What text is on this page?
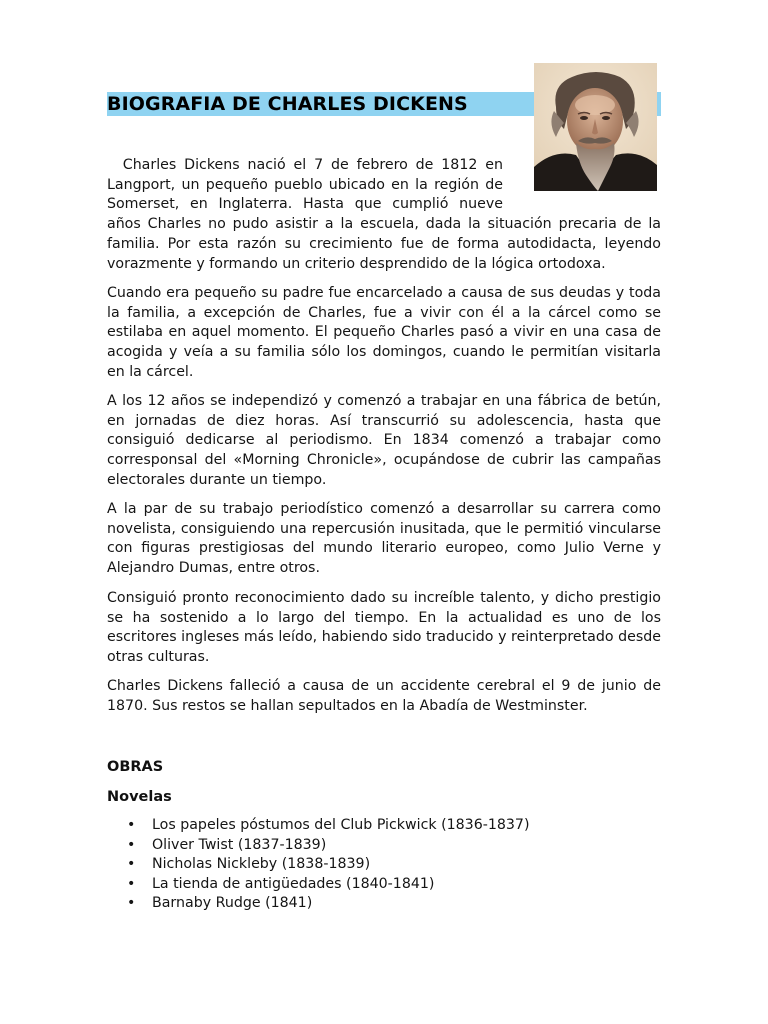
BIOGRAFIA DE CHARLES DICKENS
Charles Dickens nació el 7 de febrero de 1812 en Langport, un pequeño pueblo ubicado en la región de Somerset, en Inglaterra. Hasta que cumplió nueve años Charles no pudo asistir a la escuela, dada la situación precaria de la familia. Por esta razón su crecimiento fue de forma autodidacta, leyendo vorazmente y formando un criterio desprendido de la lógica ortodoxa.
Cuando era pequeño su padre fue encarcelado a causa de sus deudas y toda la familia, a excepción de Charles, fue a vivir con él a la cárcel como se estilaba en aquel momento. El pequeño Charles pasó a vivir en una casa de acogida y veía a su familia sólo los domingos, cuando le permitían visitarla en la cárcel.
A los 12 años se independizó y comenzó a trabajar en una fábrica de betún, en jornadas de diez horas. Así transcurrió su adolescencia, hasta que consiguió dedicarse al periodismo. En 1834 comenzó a trabajar como corresponsal del «Morning Chronicle», ocupándose de cubrir las campañas electorales durante un tiempo.
A la par de su trabajo periodístico comenzó a desarrollar su carrera como novelista, consiguiendo una repercusión inusitada, que le permitió vincularse con figuras prestigiosas del mundo literario europeo, como Julio Verne y Alejandro Dumas, entre otros.
Consiguió pronto reconocimiento dado su increíble talento, y dicho prestigio se ha sostenido a lo largo del tiempo. En la actualidad es uno de los escritores ingleses más leído, habiendo sido traducido y reinterpretado desde otras culturas.
Charles Dickens falleció a causa de un accidente cerebral el 9 de junio de 1870. Sus restos se hallan sepultados en la Abadía de Westminster.
OBRAS
Novelas
• Los papeles póstumos del Club Pickwick (1836-1837)
• Oliver Twist (1837-1839)
• Nicholas Nickleby (1838-1839)
• La tienda de antigüedades (1840-1841)
• Barnaby Rudge (1841)
